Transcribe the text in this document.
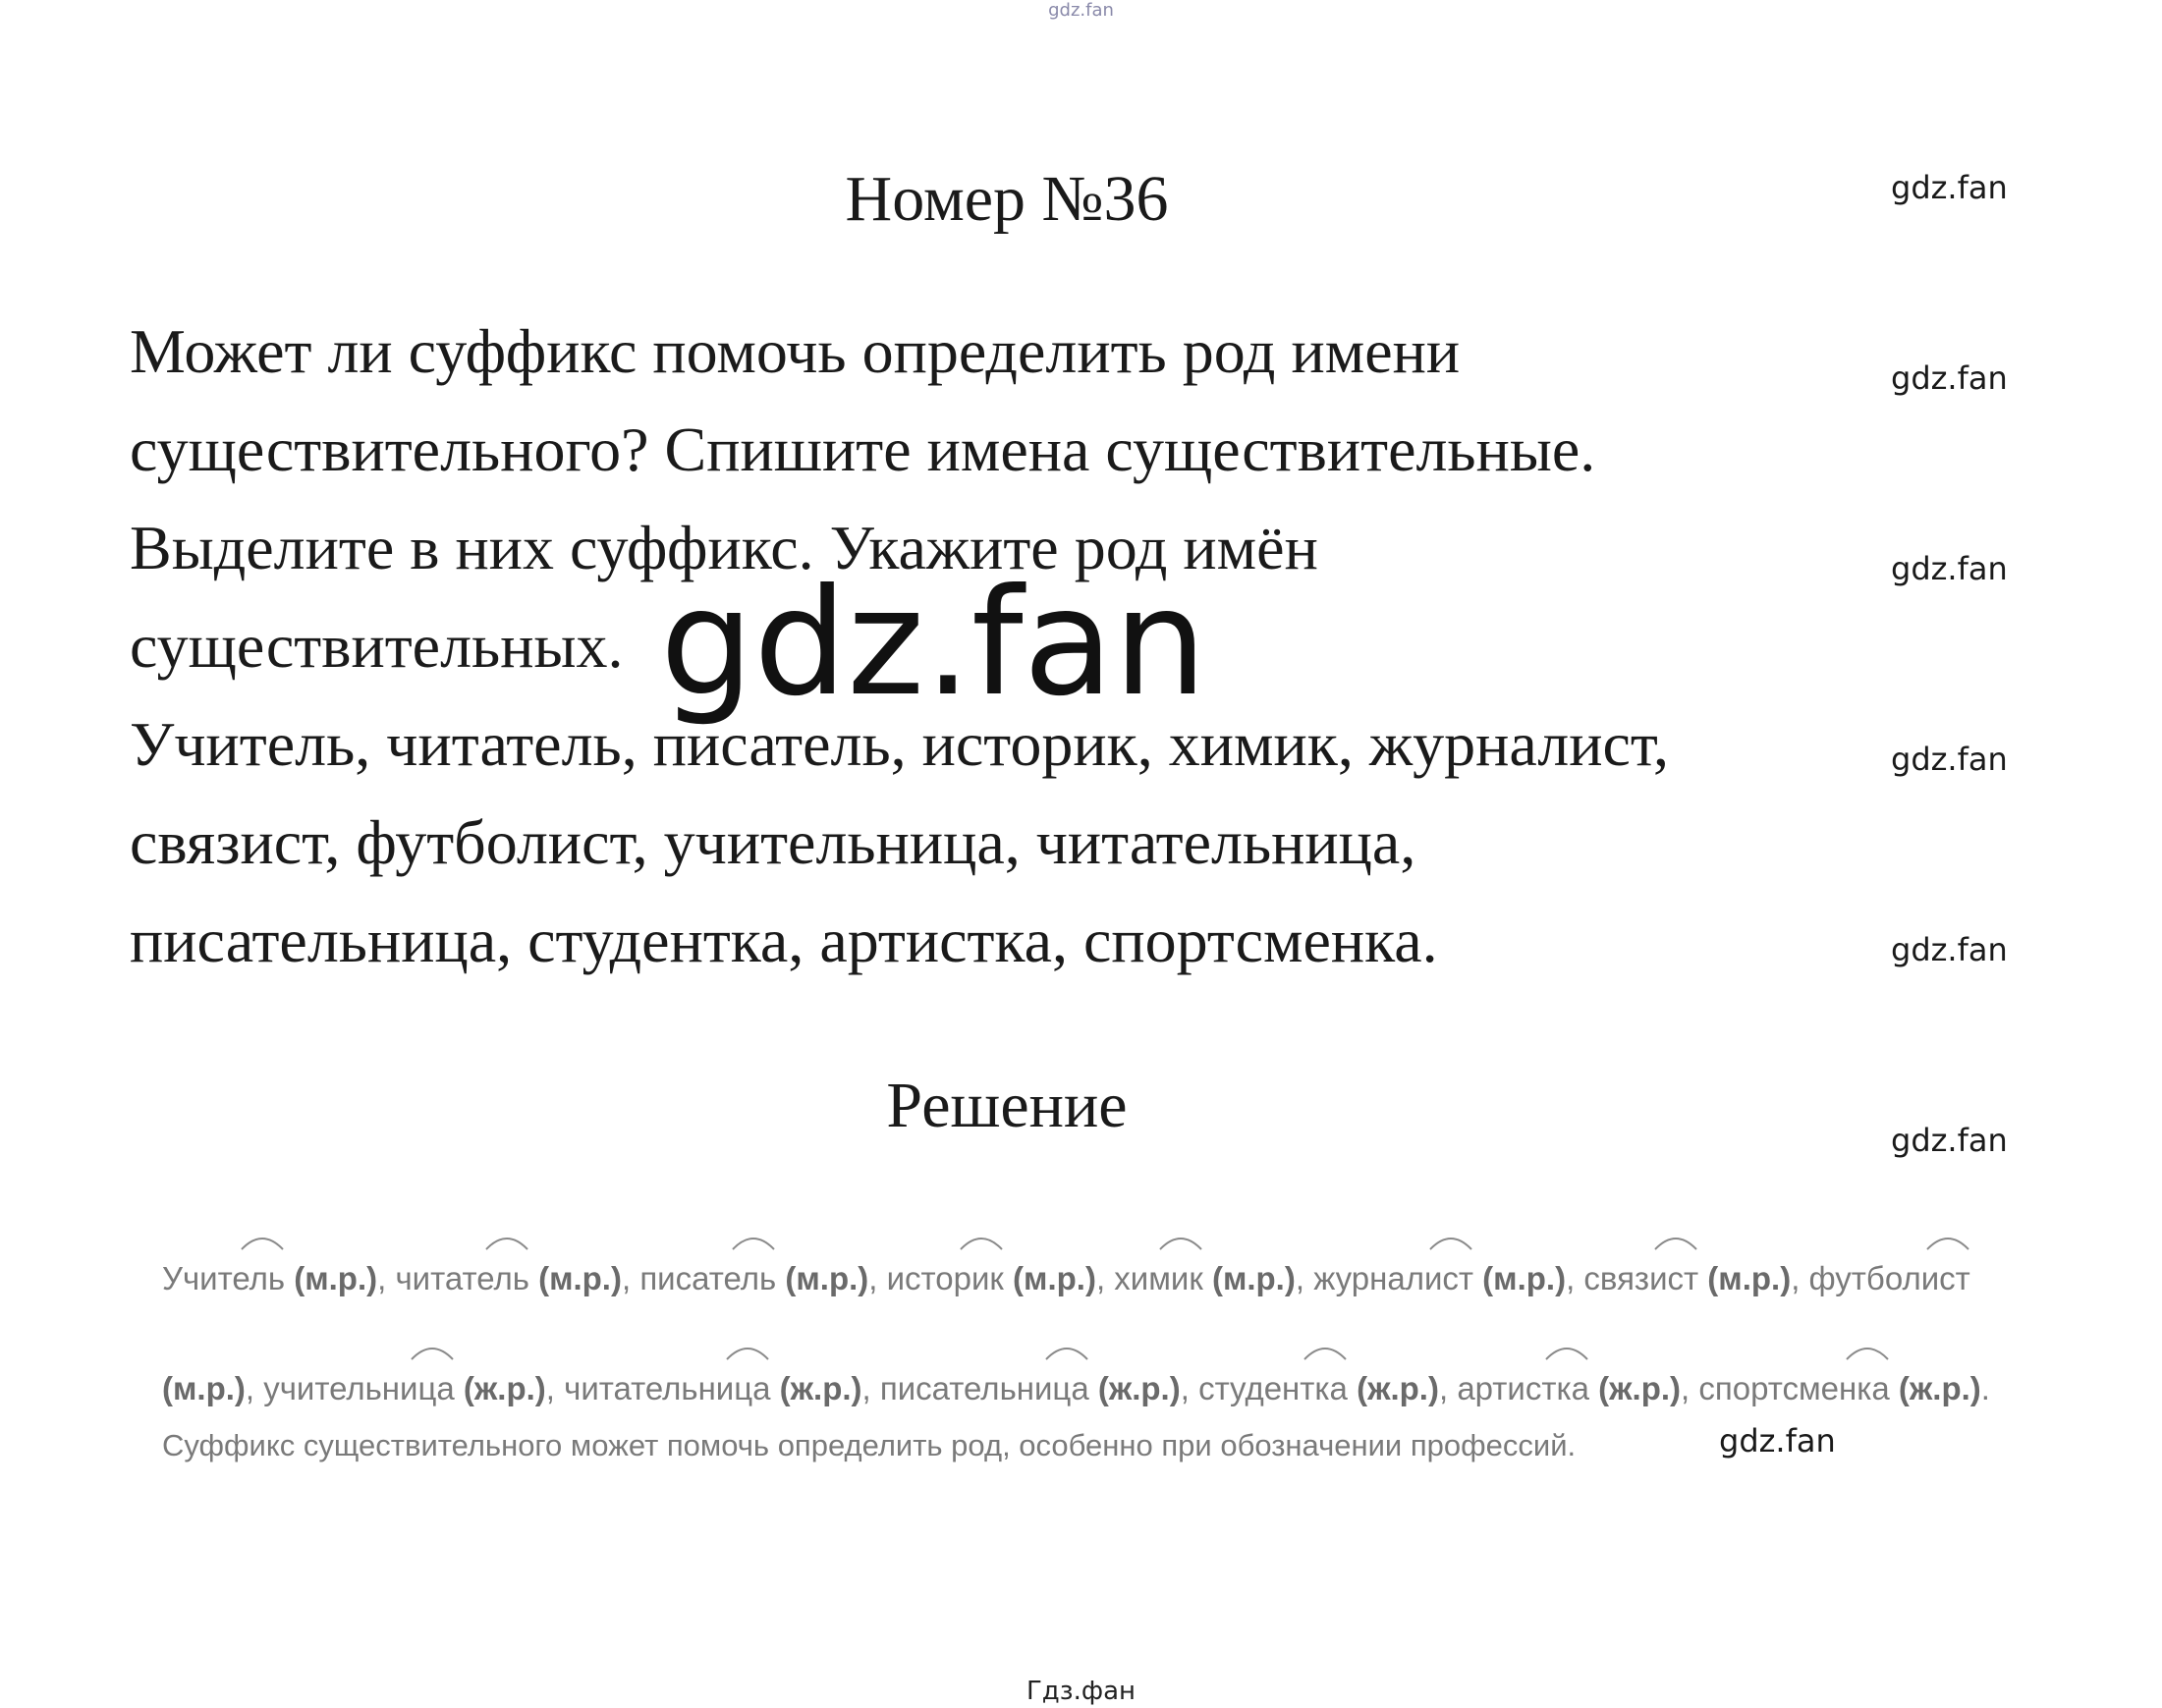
gdz.fan
Номер №36
Может ли суффикс помочь определить род имени
существительного? Спишите имена существительные.
Выделите в них суффикс. Укажите род имён
существительных.
Учитель, читатель, писатель, историк, химик, журналист,
связист, футболист, учительница, читательница,
писательница, студентка, артистка, спортсменка.
gdz.fan
gdz.fan
gdz.fan
gdz.fan
gdz.fan
gdz.fan
gdz.fan
Решение
Учитель (м.р.), читатель (м.р.), писатель (м.р.), историк (м.р.), химик (м.р.), журналист (м.р.), связист (м.р.), футболист
(м.р.), учительница (ж.р.), читательница (ж.р.), писательница (ж.р.), студентка (ж.р.), артистка (ж.р.), спортсменка (ж.р.).
Суффикс существительного может помочь определить род, особенно при обозначении профессий.	gdz.fan
Гдз.фан
